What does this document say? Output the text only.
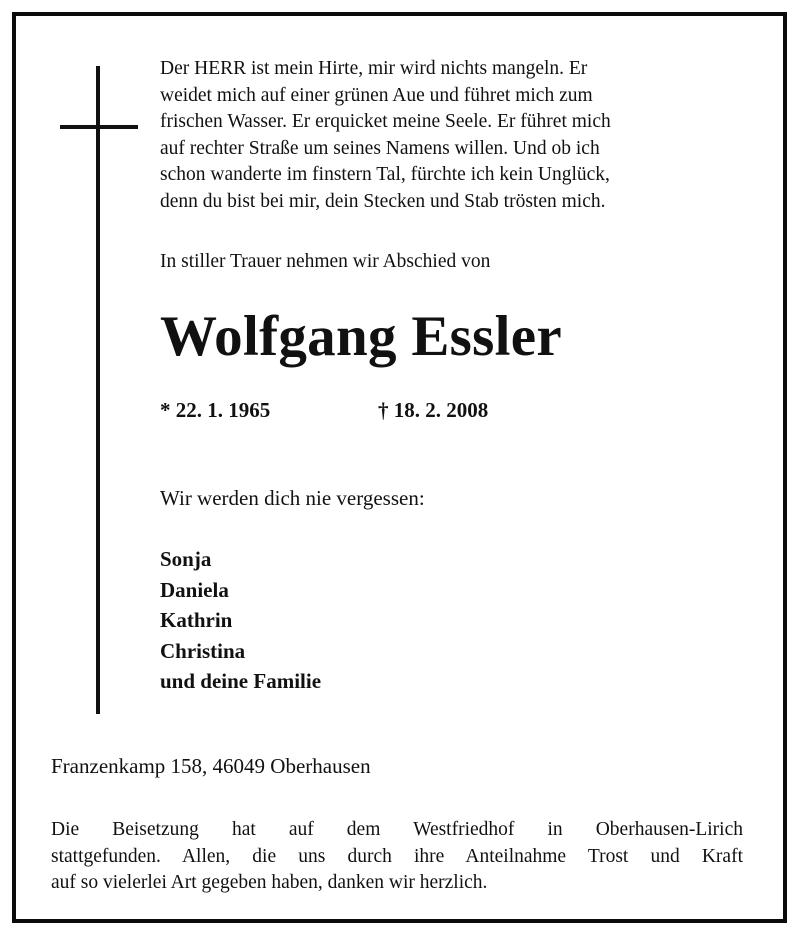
Der HERR ist mein Hirte, mir wird nichts mangeln. Er
weidet mich auf einer grünen Aue und führet mich zum
frischen Wasser. Er erquicket meine Seele. Er führet mich
auf rechter Straße um seines Namens willen. Und ob ich
schon wanderte im finstern Tal, fürchte ich kein Unglück,
denn du bist bei mir, dein Stecken und Stab trösten mich.

In stiller Trauer nehmen wir Abschied von

Wolfgang Essler
* 22. 1. 1965	† 18. 2. 2008

Wir werden dich nie vergessen:

Sonja
Daniela
Kathrin
Christina
und deine Familie

Franzenkamp 158, 46049 Oberhausen

Die Beisetzung hat auf dem Westfriedhof in Oberhausen-Lirich
stattgefunden. Allen, die uns durch ihre Anteilnahme Trost und Kraft
auf so vielerlei Art gegeben haben, danken wir herzlich.
